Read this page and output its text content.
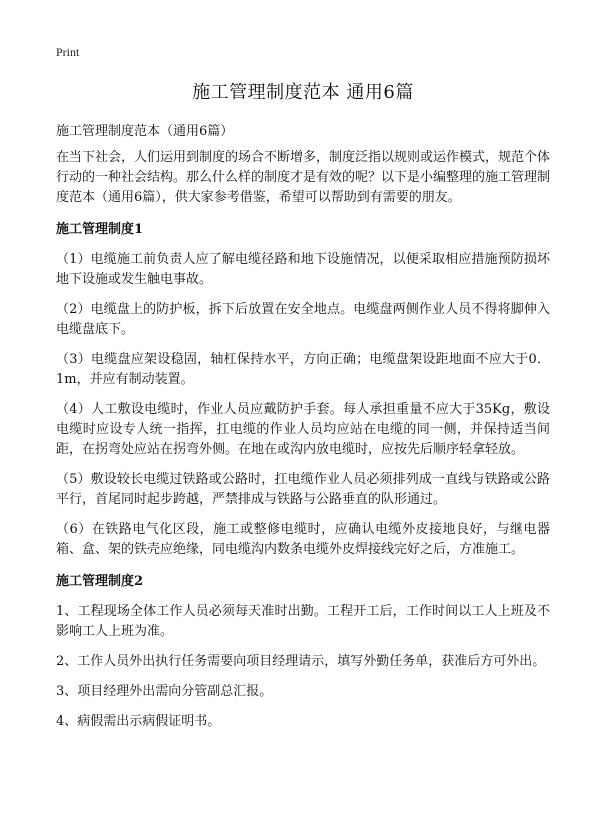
Print
施工管理制度范本 通用6篇

施工管理制度范本（通用6篇）

在当下社会，人们运用到制度的场合不断增多，制度泛指以规则或运作模式，规范个体行动的一种社会结构。那么什么样的制度才是有效的呢？以下是小编整理的施工管理制度范本（通用6篇），供大家参考借鉴，希望可以帮助到有需要的朋友。

施工管理制度1

（1）电缆施工前负责人应了解电缆径路和地下设施情况，以便采取相应措施预防损坏地下设施或发生触电事故。

（2）电缆盘上的防护板，拆下后放置在安全地点。电缆盘两侧作业人员不得将脚伸入电缆盘底下。

（3）电缆盘应架设稳固，轴杠保持水平，方向正确；电缆盘架设距地面不应大于0．1m，并应有制动装置。

（4）人工敷设电缆时，作业人员应戴防护手套。每人承担重量不应大于35Kg，敷设电缆时应设专人统一指挥，扛电缆的作业人员均应站在电缆的同一侧，并保持适当间距，在拐弯处应站在拐弯外侧。在地在或沟内放电缆时，应按先后顺序轻拿轻放。

（5）敷设较长电缆过铁路或公路时，扛电缆作业人员必须排列成一直线与铁路或公路平行，首尾同时起步跨越，严禁排成与铁路与公路垂直的队形通过。

（6）在铁路电气化区段，施工或整修电缆时，应确认电缆外皮接地良好，与继电器箱、盒、架的铁壳应绝缘，同电缆沟内数条电缆外皮焊接线完好之后，方准施工。

施工管理制度2

1、工程现场全体工作人员必须每天准时出勤。工程开工后，工作时间以工人上班及不影响工人上班为准。

2、工作人员外出执行任务需要向项目经理请示，填写外勤任务单，获准后方可外出。

3、项目经理外出需向分管副总汇报。

4、病假需出示病假证明书。
